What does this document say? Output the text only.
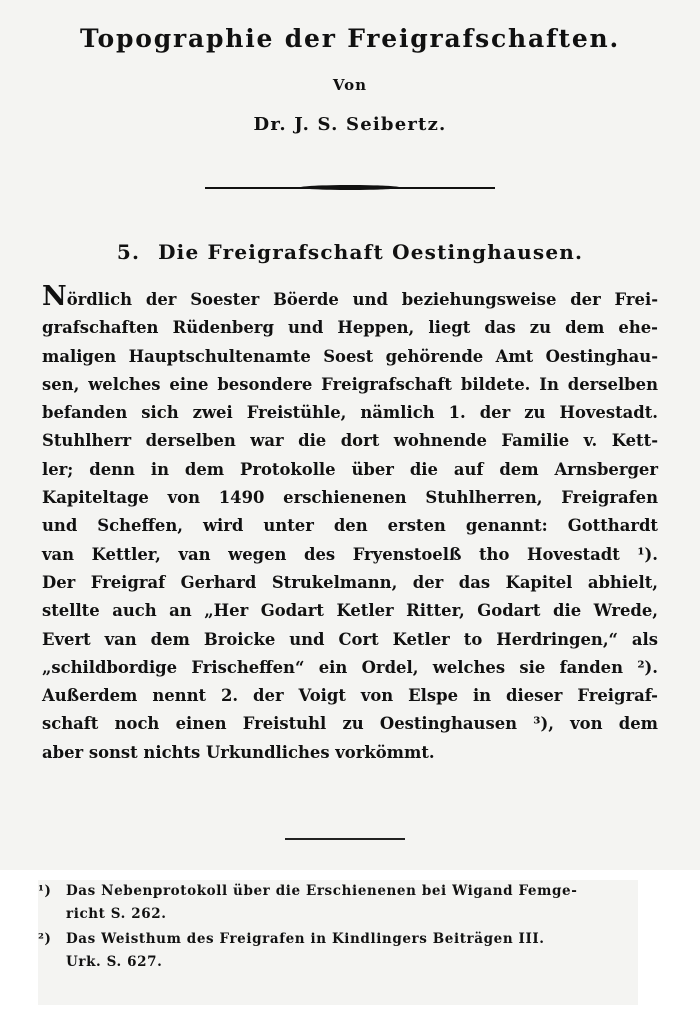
Topographie der Freigrafschaften.
Von
Dr. J. S. Seibertz.
5. Die Freigrafschaft Oestinghausen.
Nördlich der Soester Böerde und beziehungsweise der Frei-
grafschaften Rüdenberg und Heppen, liegt das zu dem ehe-
maligen Hauptschultenamte Soest gehörende Amt Oestinghau-
sen, welches eine besondere Freigrafschaft bildete. In derselben
befanden sich zwei Freistühle, nämlich 1. der zu Hovestadt.
Stuhlherr derselben war die dort wohnende Familie v. Kett-
ler; denn in dem Protokolle über die auf dem Arnsberger
Kapiteltage von 1490 erschienenen Stuhlherren, Freigrafen
und Scheffen, wird unter den ersten genannt: Gotthardt
van Kettler, van wegen des Fryenstoelß tho Hovestadt ¹).
Der Freigraf Gerhard Strukelmann, der das Kapitel abhielt,
stellte auch an „Her Godart Ketler Ritter, Godart die Wrede,
Evert van dem Broicke und Cort Ketler to Herdringen,“ als
„schildbordige Frischeffen“ ein Ordel, welches sie fanden ²).
Außerdem nennt 2. der Voigt von Elspe in dieser Freigraf-
schaft noch einen Freistuhl zu Oestinghausen ³), von dem
aber sonst nichts Urkundliches vorkömmt.
¹) Das Nebenprotokoll über die Erschienenen bei Wigand Femge-
richt S. 262.
²) Das Weisthum des Freigrafen in Kindlingers Beiträgen III.
Urk. S. 627.
